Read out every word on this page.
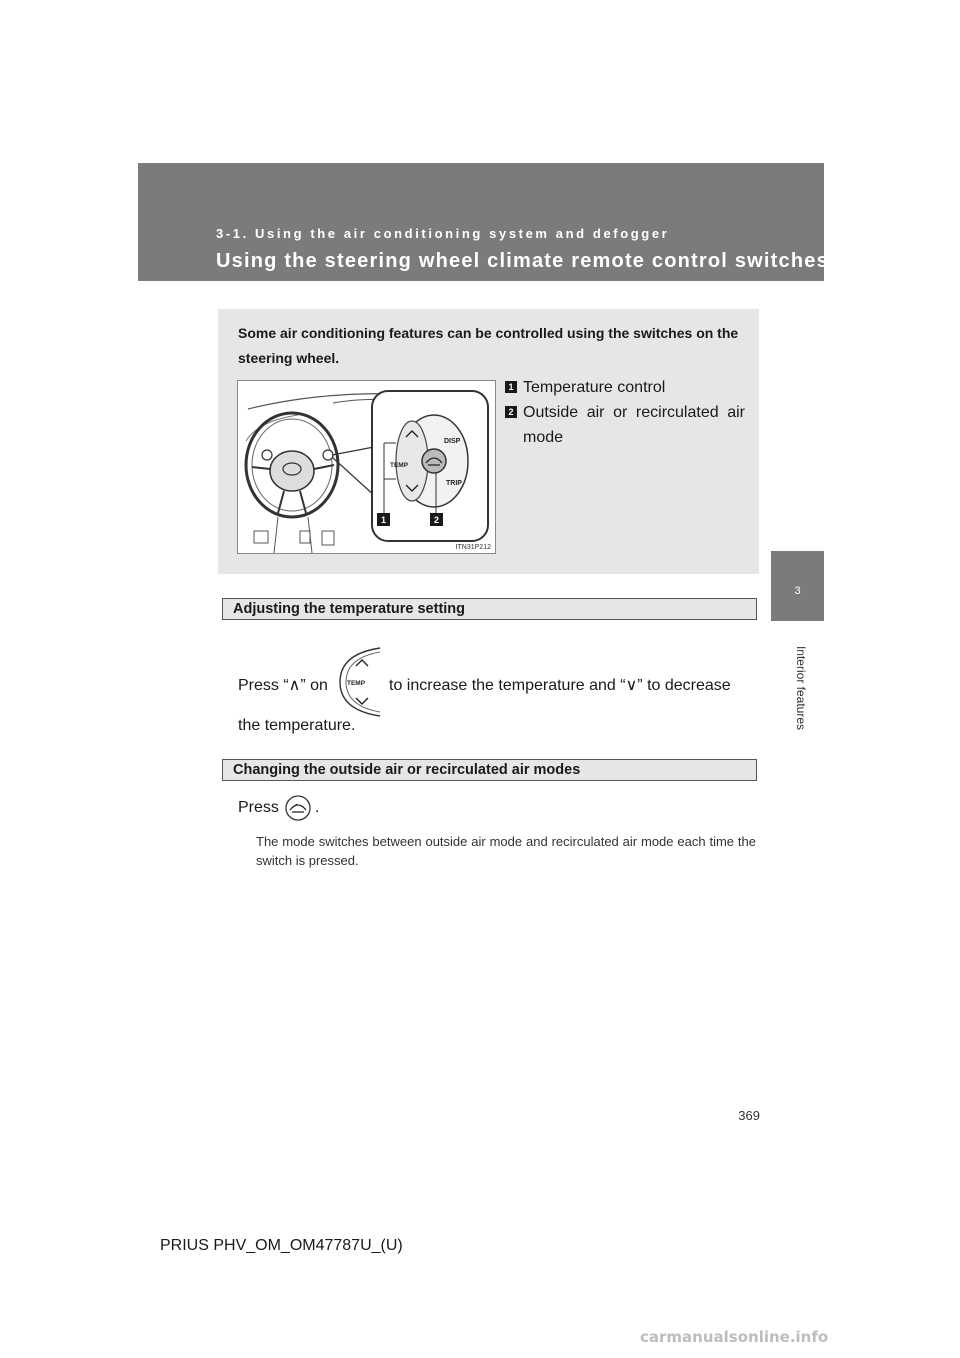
3-1. Using the air conditioning system and defogger
Using the steering wheel climate remote control switches
3
Interior features
Some air conditioning features can be controlled using the switches on the steering wheel.
TEMP
DISP
TRIP
1	2
ITN31P212
1 Temperature control
2 Outside air or recirculated air mode
Adjusting the temperature setting
Press “∧” on	TEMP to increase the temperature and “∨” to decrease
the temperature.
Changing the outside air or recirculated air modes
Press .
The mode switches between outside air mode and recirculated air mode each time the switch is pressed.
369
PRIUS PHV_OM_OM47787U_(U)
carmanualsonline.info
